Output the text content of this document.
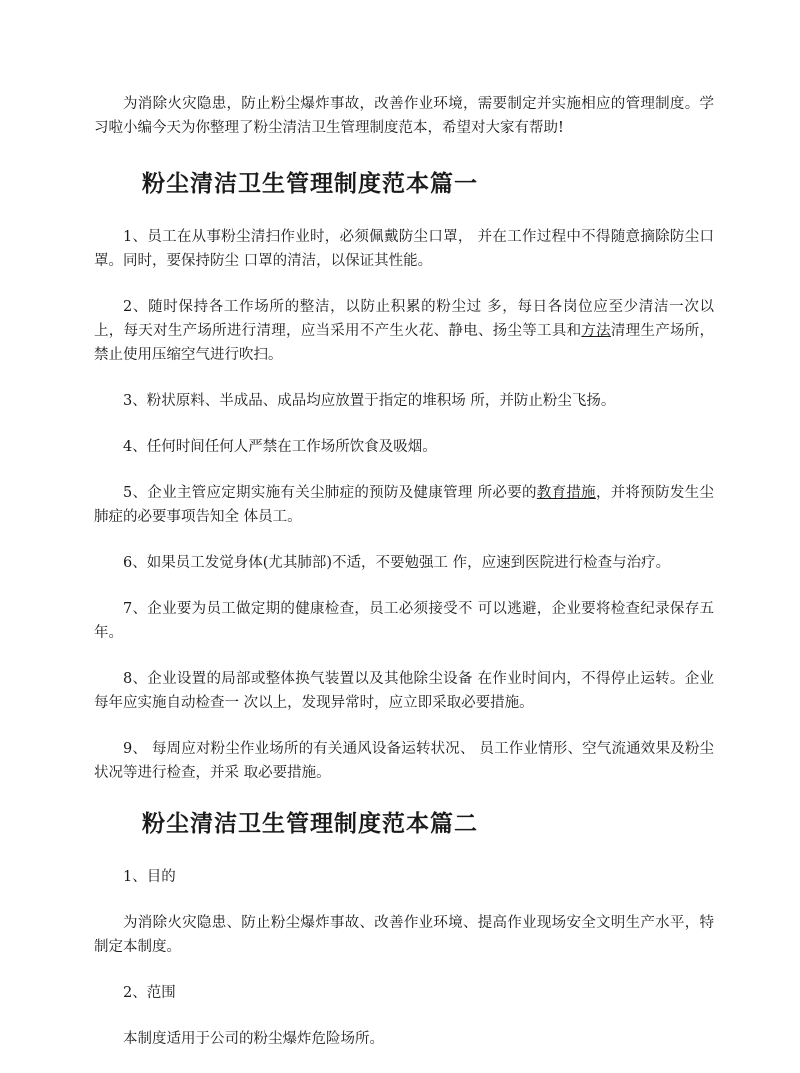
为消除火灾隐患，防止粉尘爆炸事故，改善作业环境，需要制定并实施相应的管理制度。学习啦小编今天为你整理了粉尘清洁卫生管理制度范本，希望对大家有帮助!

粉尘清洁卫生管理制度范本篇一

1、员工在从事粉尘清扫作业时，必须佩戴防尘口罩， 并在工作过程中不得随意摘除防尘口罩。同时，要保持防尘 口罩的清洁，以保证其性能。

2、随时保持各工作场所的整洁，以防止积累的粉尘过 多，每日各岗位应至少清洁一次以上，每天对生产场所进行清理，应当采用不产生火花、静电、扬尘等工具和方法清理生产场所，禁止使用压缩空气进行吹扫。

3、粉状原料、半成品、成品均应放置于指定的堆积场 所，并防止粉尘飞扬。

4、任何时间任何人严禁在工作场所饮食及吸烟。

5、企业主管应定期实施有关尘肺症的预防及健康管理 所必要的教育措施，并将预防发生尘肺症的必要事项告知全 体员工。

6、如果员工发觉身体(尤其肺部)不适，不要勉强工 作，应速到医院进行检查与治疗。

7、企业要为员工做定期的健康检查，员工必须接受不 可以逃避，企业要将检查纪录保存五年。

8、企业设置的局部或整体换气装置以及其他除尘设备 在作业时间内，不得停止运转。企业每年应实施自动检查一 次以上，发现异常时，应立即采取必要措施。

9、 每周应对粉尘作业场所的有关通风设备运转状况、 员工作业情形、空气流通效果及粉尘状况等进行检查，并采 取必要措施。

粉尘清洁卫生管理制度范本篇二

1、目的

为消除火灾隐患、防止粉尘爆炸事故、改善作业环境、提高作业现场安全文明生产水平，特制定本制度。

2、范围

本制度适用于公司的粉尘爆炸危险场所。
